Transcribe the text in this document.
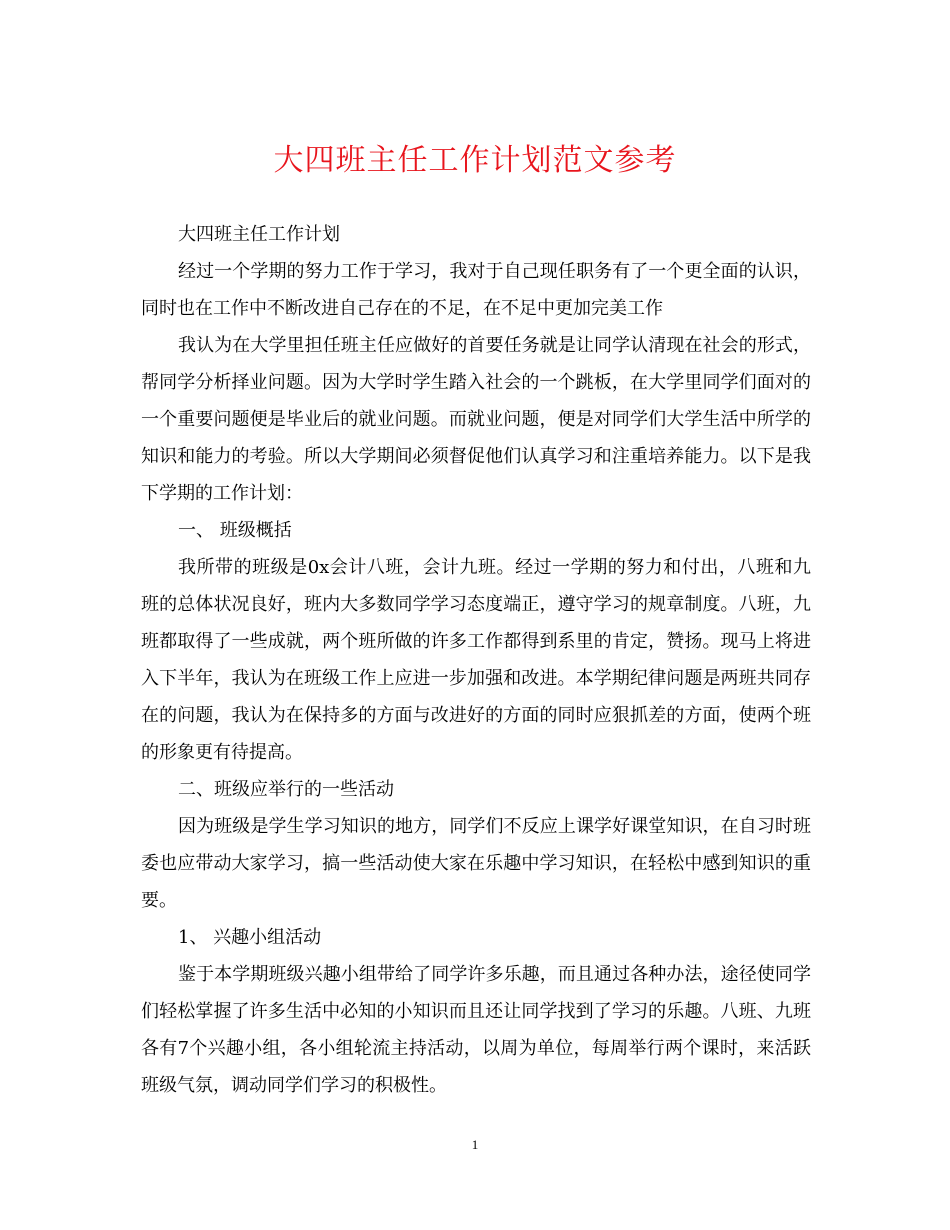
大四班主任工作计划范文参考

大四班主任工作计划

经过一个学期的努力工作于学习，我对于自己现任职务有了一个更全面的认识，同时也在工作中不断改进自己存在的不足，在不足中更加完美工作

我认为在大学里担任班主任应做好的首要任务就是让同学认清现在社会的形式，帮同学分析择业问题。因为大学时学生踏入社会的一个跳板，在大学里同学们面对的一个重要问题便是毕业后的就业问题。而就业问题，便是对同学们大学生活中所学的知识和能力的考验。所以大学期间必须督促他们认真学习和注重培养能力。以下是我下学期的工作计划：

一、 班级概括

我所带的班级是0x会计八班，会计九班。经过一学期的努力和付出，八班和九班的总体状况良好，班内大多数同学学习态度端正，遵守学习的规章制度。八班，九班都取得了一些成就，两个班所做的许多工作都得到系里的肯定，赞扬。现马上将进入下半年，我认为在班级工作上应进一步加强和改进。本学期纪律问题是两班共同存在的问题，我认为在保持多的方面与改进好的方面的同时应狠抓差的方面，使两个班的形象更有待提高。

二、班级应举行的一些活动

因为班级是学生学习知识的地方，同学们不反应上课学好课堂知识，在自习时班委也应带动大家学习，搞一些活动使大家在乐趣中学习知识，在轻松中感到知识的重要。

1、 兴趣小组活动

鉴于本学期班级兴趣小组带给了同学许多乐趣，而且通过各种办法，途径使同学们轻松掌握了许多生活中必知的小知识而且还让同学找到了学习的乐趣。八班、九班各有7个兴趣小组，各小组轮流主持活动，以周为单位，每周举行两个课时，来活跃班级气氛，调动同学们学习的积极性。

1
